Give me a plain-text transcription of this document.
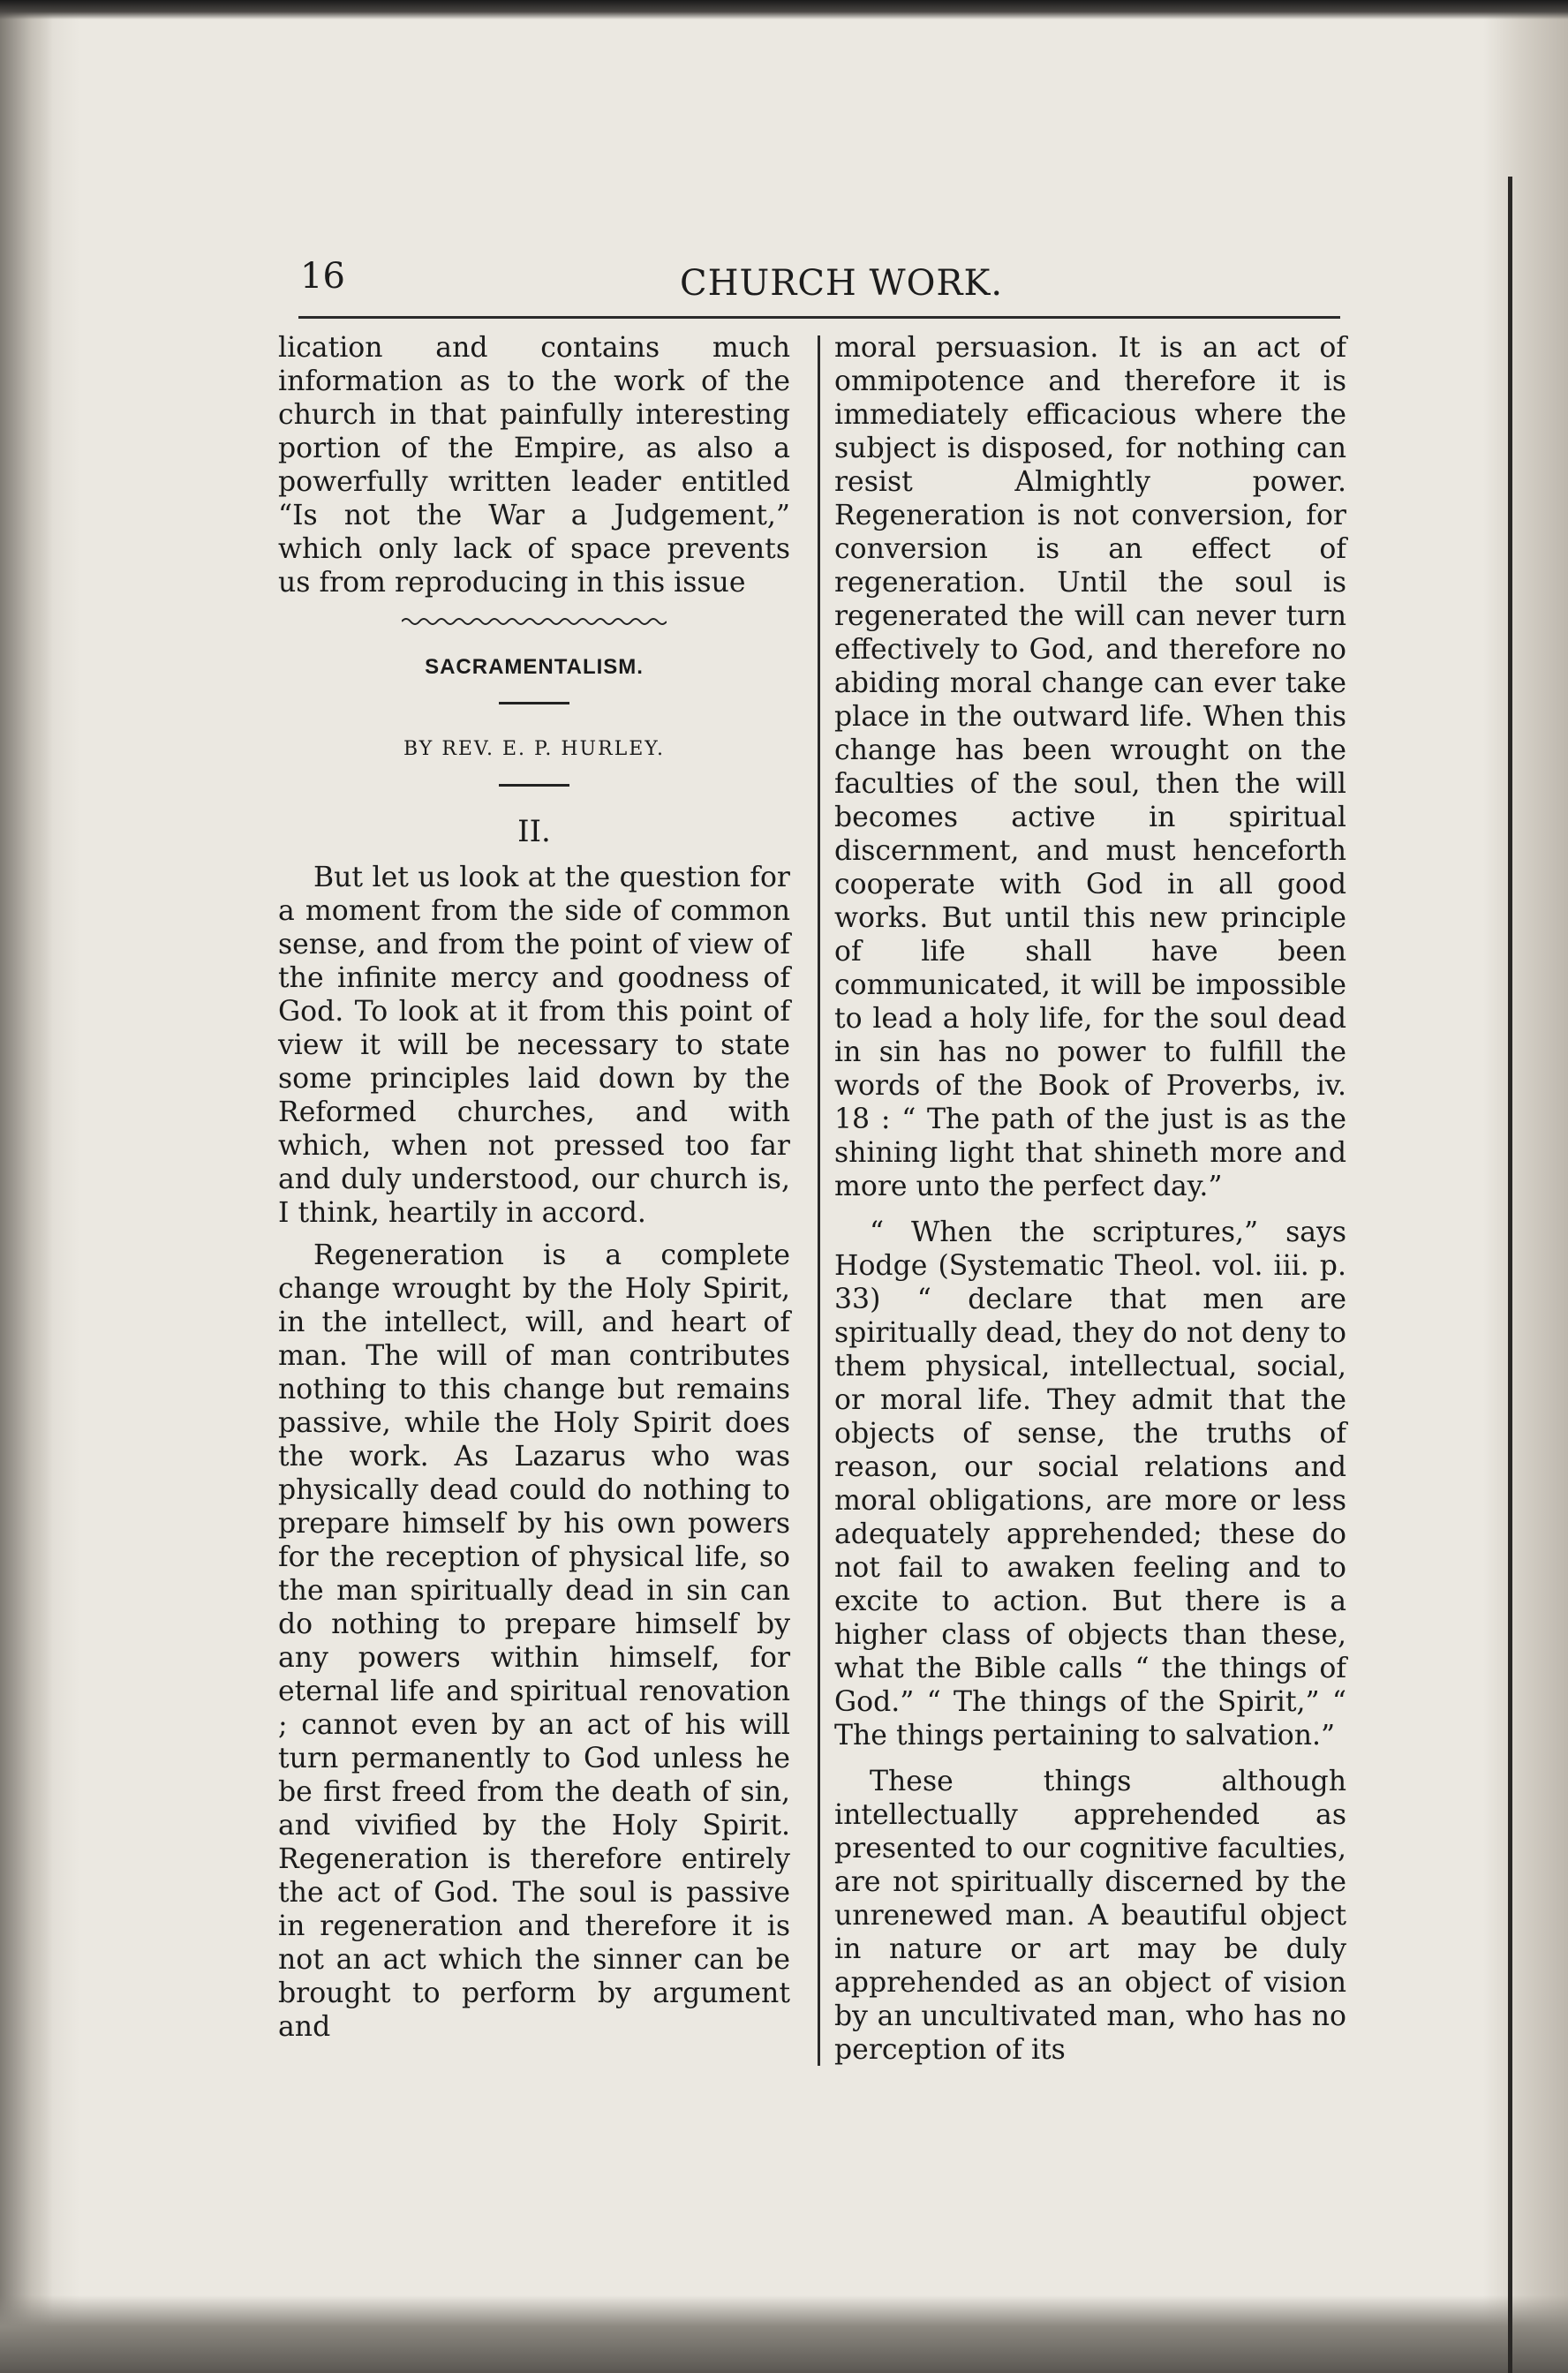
16	CHURCH WORK.

lication and contains much information as to the work of the church in that painfully interesting portion of the Empire, as also a powerfully written leader entitled “Is not the War a Judgement,” which only lack of space prevents us from reproducing in this issue

SACRAMENTALISM.
BY REV. E. P. HURLEY.
II.

But let us look at the question for a moment from the side of common sense, and from the point of view of the infinite mercy and goodness of God. To look at it from this point of view it will be necessary to state some principles laid down by the Reformed churches, and with which, when not pressed too far and duly understood, our church is, I think, heartily in accord.

Regeneration is a complete change wrought by the Holy Spirit, in the intellect, will, and heart of man. The will of man contributes nothing to this change but remains passive, while the Holy Spirit does the work. As Lazarus who was physically dead could do nothing to prepare himself by his own powers for the reception of physical life, so the man spiritually dead in sin can do nothing to prepare himself by any powers within himself, for eternal life and spiritual renovation ; cannot even by an act of his will turn permanently to God unless he be first freed from the death of sin, and vivified by the Holy Spirit. Regeneration is therefore entirely the act of God. The soul is passive in regeneration and therefore it is not an act which the sinner can be brought to perform by argument and

moral persuasion. It is an act of ommipotence and therefore it is immediately efficacious where the subject is disposed, for nothing can resist Almightly power. Regeneration is not conversion, for conversion is an effect of regeneration. Until the soul is regenerated the will can never turn effectively to God, and therefore no abiding moral change can ever take place in the outward life. When this change has been wrought on the faculties of the soul, then the will becomes active in spiritual discernment, and must henceforth cooperate with God in all good works. But until this new principle of life shall have been communicated, it will be impossible to lead a holy life, for the soul dead in sin has no power to fulfill the words of the Book of Proverbs, iv. 18 : “ The path of the just is as the shining light that shineth more and more unto the perfect day.”

“ When the scriptures,” says Hodge (Systematic Theol. vol. iii. p. 33) “ declare that men are spiritually dead, they do not deny to them physical, intellectual, social, or moral life. They admit that the objects of sense, the truths of reason, our social relations and moral obligations, are more or less adequately apprehended; these do not fail to awaken feeling and to excite to action. But there is a higher class of objects than these, what the Bible calls “ the things of God.” “ The things of the Spirit,” “ The things pertaining to salvation.”

These things although intellectually apprehended as presented to our cognitive faculties, are not spiritually discerned by the unrenewed man. A beautiful object in nature or art may be duly apprehended as an object of vision by an uncultivated man, who has no perception of its
